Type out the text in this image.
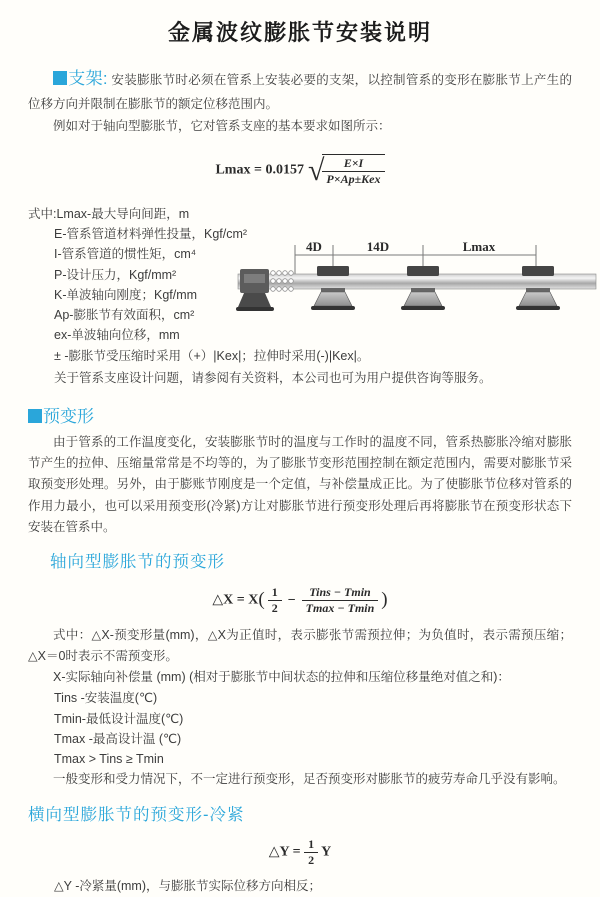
金属波纹膨胀节安装说明
支架: 安装膨胀节时必须在管系上安装必要的支架，以控制管系的变形在膨胀节上产生的位移方向并限制在膨胀节的额定位移范围内。
例如对于轴向型膨胀节，它对管系支座的基本要求如图所示：
Lmax = 0.0157 √
$\frac{E\times I}{\text{P×Ap±Kex}}$
式中:Lmax-最大导向间距，m
E-管系管道材料弹性投量，Kgf/cm²
I-管系管道的惯性矩，cm⁴
P-设计压力，Kgf/mm²
K-单波轴向刚度；Kgf/mm
Ap-膨胀节有效面积，cm²
ex-单波轴向位移，mm
± -膨胀节受压缩时采用（+）|Kex|；拉伸时采用(-)|Kex|。
4D	14D	Lmax
关于管系支座设计问题，请参阅有关资料，本公司也可为用户提供咨询等服务。
预变形
由于管系的工作温度变化，安装膨胀节时的温度与工作时的温度不同，管系热膨胀冷缩对膨胀节产生的拉伸、压缩量常常是不均等的，为了膨胀节变形范围控制在额定范围内，需要对膨胀节采取预变形处理。另外，由于膨账节刚度是一个定值，与补偿量成正比。为了使膨胀节位移对管系的作用力最小，也可以采用预变形(冷紧)方让对膨胀节进行预变形处理后再将膨胀节在预变形状态下安装在管系中。
轴向型膨胀节的预变形
△X = $X( \frac{1}{2} - \frac{\text{Tins − Tmin}}{Tmax - Tmin}$ )
式中：△X-预变形量(mm)，△X为正值时，表示膨张节需预拉伸；为负值时，表示需预压缩；△X＝0时表示不需预变形。
X-实际轴向补偿量 (mm) (相对于膨胀节中间状态的拉伸和压缩位移量绝对值之和)：
Tins -安装温度(℃)
Tmin-最低设计温度(℃)
Tmax -最高设计温 (℃)
Tmax > Tins ≥ Tmin
一般变形和受力情况下，不一定进行预变形，足否预变形对膨胀节的疲劳寿命几乎没有影响。
横向型膨胀节的预变形-冷紧
△Y = $\frac{1}{2}$ Y
△Y -冷紧量(mm)，与膨胀节实际位移方向相反；
